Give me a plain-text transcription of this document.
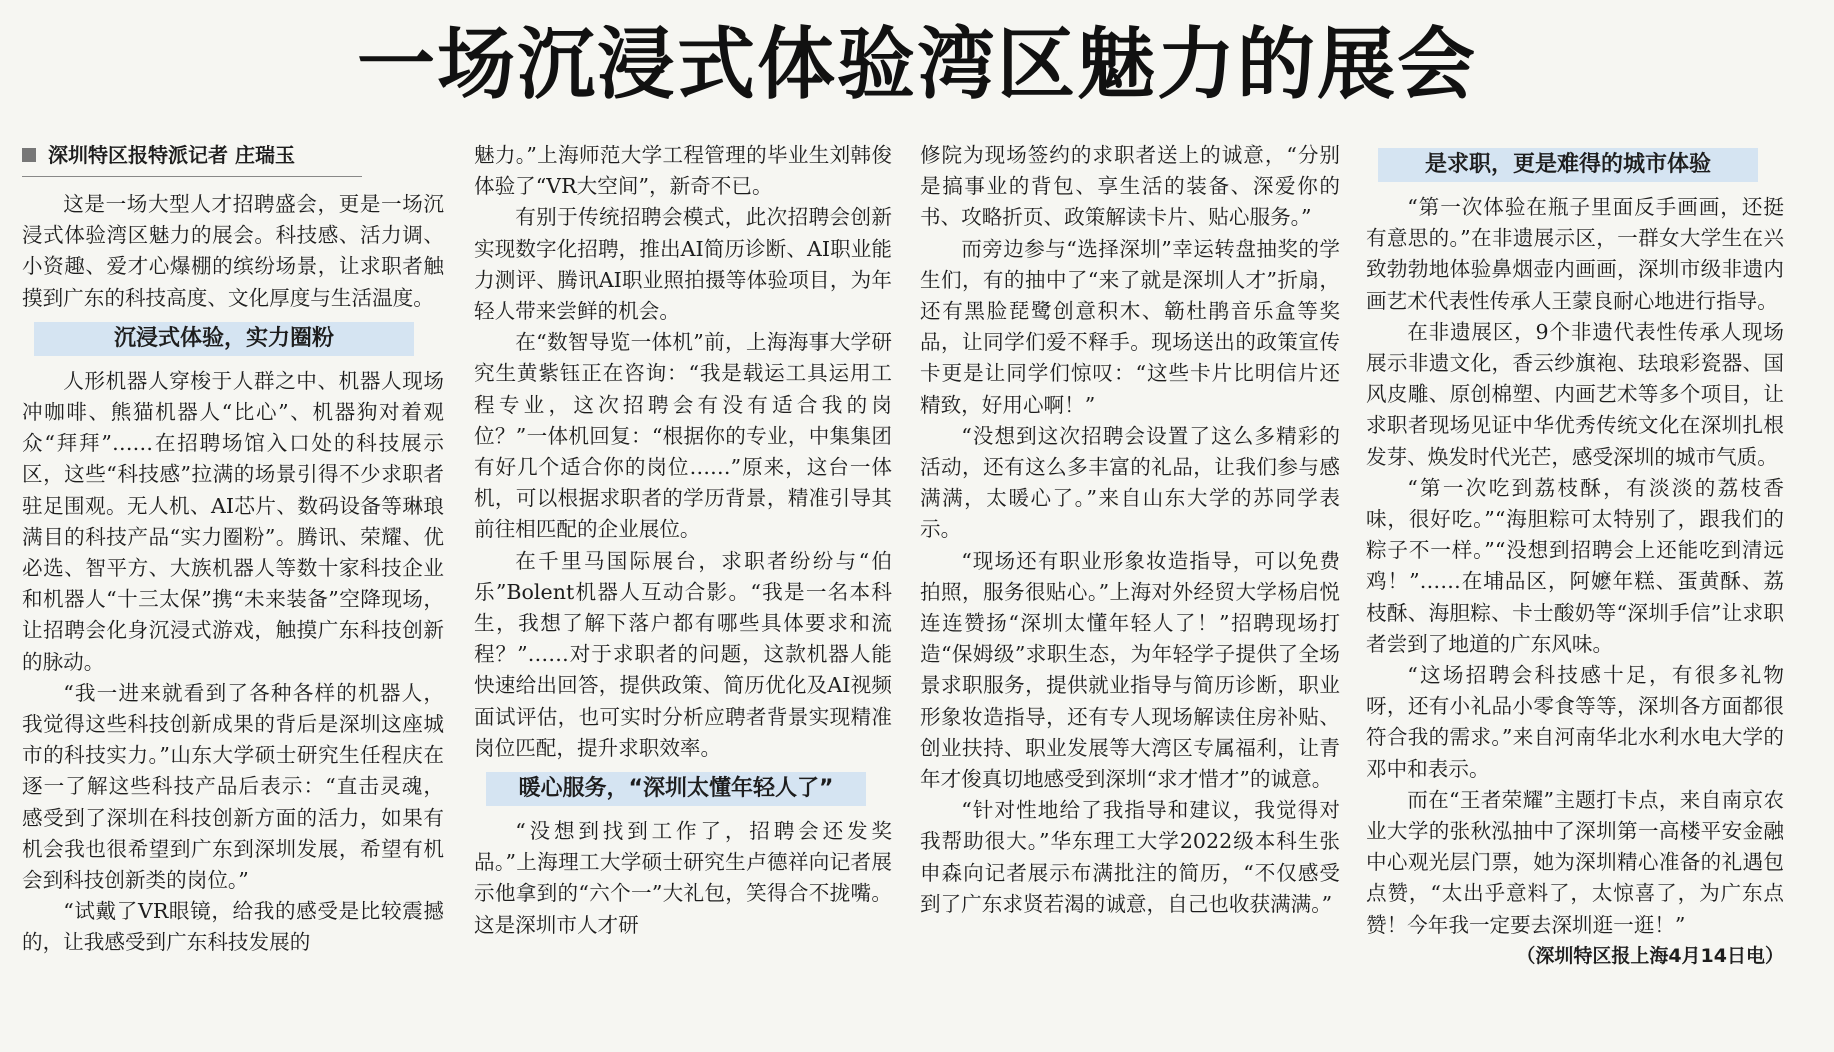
一场沉浸式体验湾区魅力的展会
深圳特区报特派记者 庄瑞玉

这是一场大型人才招聘盛会，更是一场沉浸式体验湾区魅力的展会。科技感、活力调、小资趣、爱才心爆棚的缤纷场景，让求职者触摸到广东的科技高度、文化厚度与生活温度。

沉浸式体验，实力圈粉

人形机器人穿梭于人群之中、机器人现场冲咖啡、熊猫机器人“比心”、机器狗对着观众“拜拜”……在招聘场馆入口处的科技展示区，这些“科技感”拉满的场景引得不少求职者驻足围观。无人机、AI芯片、数码设备等琳琅满目的科技产品“实力圈粉”。腾讯、荣耀、优必选、智平方、大族机器人等数十家科技企业和机器人“十三太保”携“未来装备”空降现场，让招聘会化身沉浸式游戏，触摸广东科技创新的脉动。

“我一进来就看到了各种各样的机器人，我觉得这些科技创新成果的背后是深圳这座城市的科技实力。”山东大学硕士研究生任程庆在逐一了解这些科技产品后表示：“直击灵魂，感受到了深圳在科技创新方面的活力，如果有机会我也很希望到广东到深圳发展，希望有机会到科技创新类的岗位。”

“试戴了VR眼镜，给我的感受是比较震撼的，让我感受到广东科技发展的

魅力。”上海师范大学工程管理的毕业生刘韩俊体验了“VR大空间”，新奇不已。

有别于传统招聘会模式，此次招聘会创新实现数字化招聘，推出AI简历诊断、AI职业能力测评、腾讯AI职业照拍摄等体验项目，为年轻人带来尝鲜的机会。

在“数智导览一体机”前，上海海事大学研究生黄紫钰正在咨询：“我是载运工具运用工程专业，这次招聘会有没有适合我的岗位？”一体机回复：“根据你的专业，中集集团有好几个适合你的岗位……”原来，这台一体机，可以根据求职者的学历背景，精准引导其前往相匹配的企业展位。

在千里马国际展台，求职者纷纷与“伯乐”Bolent机器人互动合影。“我是一名本科生，我想了解下落户都有哪些具体要求和流程？”……对于求职者的问题，这款机器人能快速给出回答，提供政策、简历优化及AI视频面试评估，也可实时分析应聘者背景实现精准岗位匹配，提升求职效率。

暖心服务，“深圳太懂年轻人了”

“没想到找到工作了，招聘会还发奖品。”上海理工大学硕士研究生卢德祥向记者展示他拿到的“六个一”大礼包，笑得合不拢嘴。这是深圳市人才研

修院为现场签约的求职者送上的诚意，“分别是搞事业的背包、享生活的装备、深爱你的书、攻略折页、政策解读卡片、贴心服务。”

而旁边参与“选择深圳”幸运转盘抽奖的学生们，有的抽中了“来了就是深圳人才”折扇，还有黑脸琵鹭创意积木、簕杜鹃音乐盒等奖品，让同学们爱不释手。现场送出的政策宣传卡更是让同学们惊叹：“这些卡片比明信片还精致，好用心啊！”

“没想到这次招聘会设置了这么多精彩的活动，还有这么多丰富的礼品，让我们参与感满满，太暖心了。”来自山东大学的苏同学表示。

“现场还有职业形象妆造指导，可以免费拍照，服务很贴心。”上海对外经贸大学杨启悦连连赞扬“深圳太懂年轻人了！”招聘现场打造“保姆级”求职生态，为年轻学子提供了全场景求职服务，提供就业指导与简历诊断，职业形象妆造指导，还有专人现场解读住房补贴、创业扶持、职业发展等大湾区专属福利，让青年才俊真切地感受到深圳“求才惜才”的诚意。

“针对性地给了我指导和建议，我觉得对我帮助很大。”华东理工大学2022级本科生张申森向记者展示布满批注的简历，“不仅感受到了广东求贤若渴的诚意，自己也收获满满。”

是求职，更是难得的城市体验

“第一次体验在瓶子里面反手画画，还挺有意思的。”在非遗展示区，一群女大学生在兴致勃勃地体验鼻烟壶内画画，深圳市级非遗内画艺术代表性传承人王蒙良耐心地进行指导。

在非遗展区，9个非遗代表性传承人现场展示非遗文化，香云纱旗袍、珐琅彩瓷器、国风皮雕、原创棉塑、内画艺术等多个项目，让求职者现场见证中华优秀传统文化在深圳扎根发芽、焕发时代光芒，感受深圳的城市气质。

“第一次吃到荔枝酥，有淡淡的荔枝香味，很好吃。”“海胆粽可太特别了，跟我们的粽子不一样。”“没想到招聘会上还能吃到清远鸡！”……在埔品区，阿嬷年糕、蛋黄酥、荔枝酥、海胆粽、卡士酸奶等“深圳手信”让求职者尝到了地道的广东风味。

“这场招聘会科技感十足，有很多礼物呀，还有小礼品小零食等等，深圳各方面都很符合我的需求。”来自河南华北水利水电大学的邓中和表示。

而在“王者荣耀”主题打卡点，来自南京农业大学的张秋泓抽中了深圳第一高楼平安金融中心观光层门票，她为深圳精心准备的礼遇包点赞，“太出乎意料了，太惊喜了，为广东点赞！今年我一定要去深圳逛一逛！”

（深圳特区报上海4月14日电）
